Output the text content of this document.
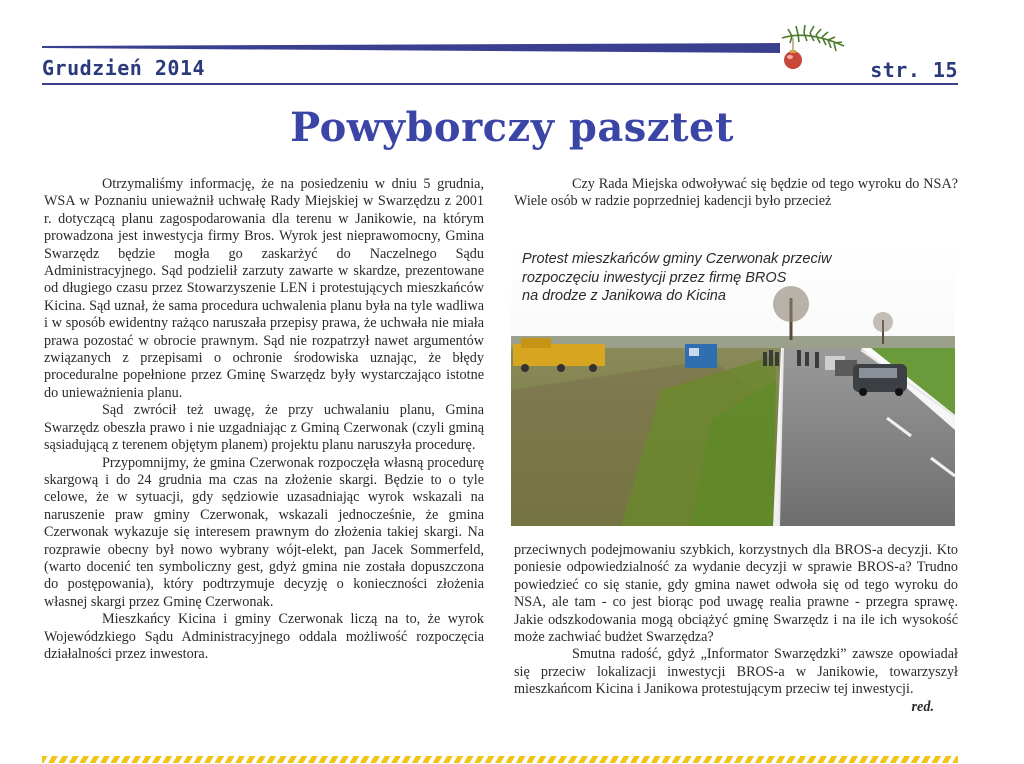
Grudzień 2014	str. 15
Powyborczy pasztet

Otrzymaliśmy informację, że na posiedzeniu w dniu 5 grudnia, WSA w Poznaniu unieważnił uchwałę Rady Miejskiej w Swarzędzu z 2001 r. dotyczącą planu zagospodarowania dla terenu w Janikowie, na którym prowadzona jest inwestycja firmy Bros. Wyrok jest nieprawomocny, Gmina Swarzędz będzie mogła go zaskarżyć do Naczelnego Sądu Administracyjnego. Sąd podzielił zarzuty zawarte w skardze, prezentowane od długiego czasu przez Stowarzyszenie LEN i protestujących mieszkańców Kicina. Sąd uznał, że sama procedura uchwalenia planu była na tyle wadliwa i w sposób ewidentny rażąco naruszała przepisy prawa, że uchwała nie miała prawa pozostać w obrocie prawnym. Sąd nie rozpatrzył nawet argumentów związanych z przepisami o ochronie środowiska uznając, że błędy proceduralne popełnione przez Gminę Swarzędz były wystarczająco istotne do unieważnienia planu.

Sąd zwrócił też uwagę, że przy uchwalaniu planu, Gmina Swarzędz obeszła prawo i nie uzgadniając z Gminą Czerwonak (czyli gminą sąsiadującą z terenem objętym planem) projektu planu naruszyła procedurę.

Przypomnijmy, że gmina Czerwonak rozpoczęła własną procedurę skargową i do 24 grudnia ma czas na złożenie skargi. Będzie to o tyle celowe, że w sytuacji, gdy sędziowie uzasadniając wyrok wskazali na naruszenie praw gminy Czerwonak, wskazali jednocześnie, że gmina Czerwonak wykazuje się interesem prawnym do złożenia takiej skargi. Na rozprawie obecny był nowo wybrany wójt-elekt, pan Jacek Sommerfeld, (warto docenić ten symboliczny gest, gdyż gmina nie została dopuszczona do postępowania), który podtrzymuje decyzję o konieczności złożenia własnej skargi przez Gminę Czerwonak.

Mieszkańcy Kicina i gminy Czerwonak liczą na to, że wyrok Wojewódzkiego Sądu Administracyjnego oddala możliwość rozpoczęcia działalności przez inwestora.

Czy Rada Miejska odwoływać się będzie od tego wyroku do NSA? Wiele osób w radzie poprzedniej kadencji było przecież

Protest mieszkańców gminy Czerwonak przeciw
rozpoczęciu inwestycji przez firmę BROS
na drodze z Janikowa do Kicina

przeciwnych podejmowaniu szybkich, korzystnych dla BROS-a decyzji. Kto poniesie odpowiedzialność za wydanie decyzji w sprawie BROS-a? Trudno powiedzieć co się stanie, gdy gmina nawet odwoła się od tego wyroku do NSA, ale tam - co jest biorąc pod uwagę realia prawne - przegra sprawę. Jakie odszkodowania mogą obciążyć gminę Swarzędz i na ile ich wysokość może zachwiać budżet Swarzędza?

Smutna radość, gdyż „Informator Swarzędzki” zawsze opowiadał się przeciw lokalizacji inwestycji BROS-a w Janikowie, towarzyszył mieszkańcom Kicina i Janikowa protestującym przeciw tej inwestycji.
red.
